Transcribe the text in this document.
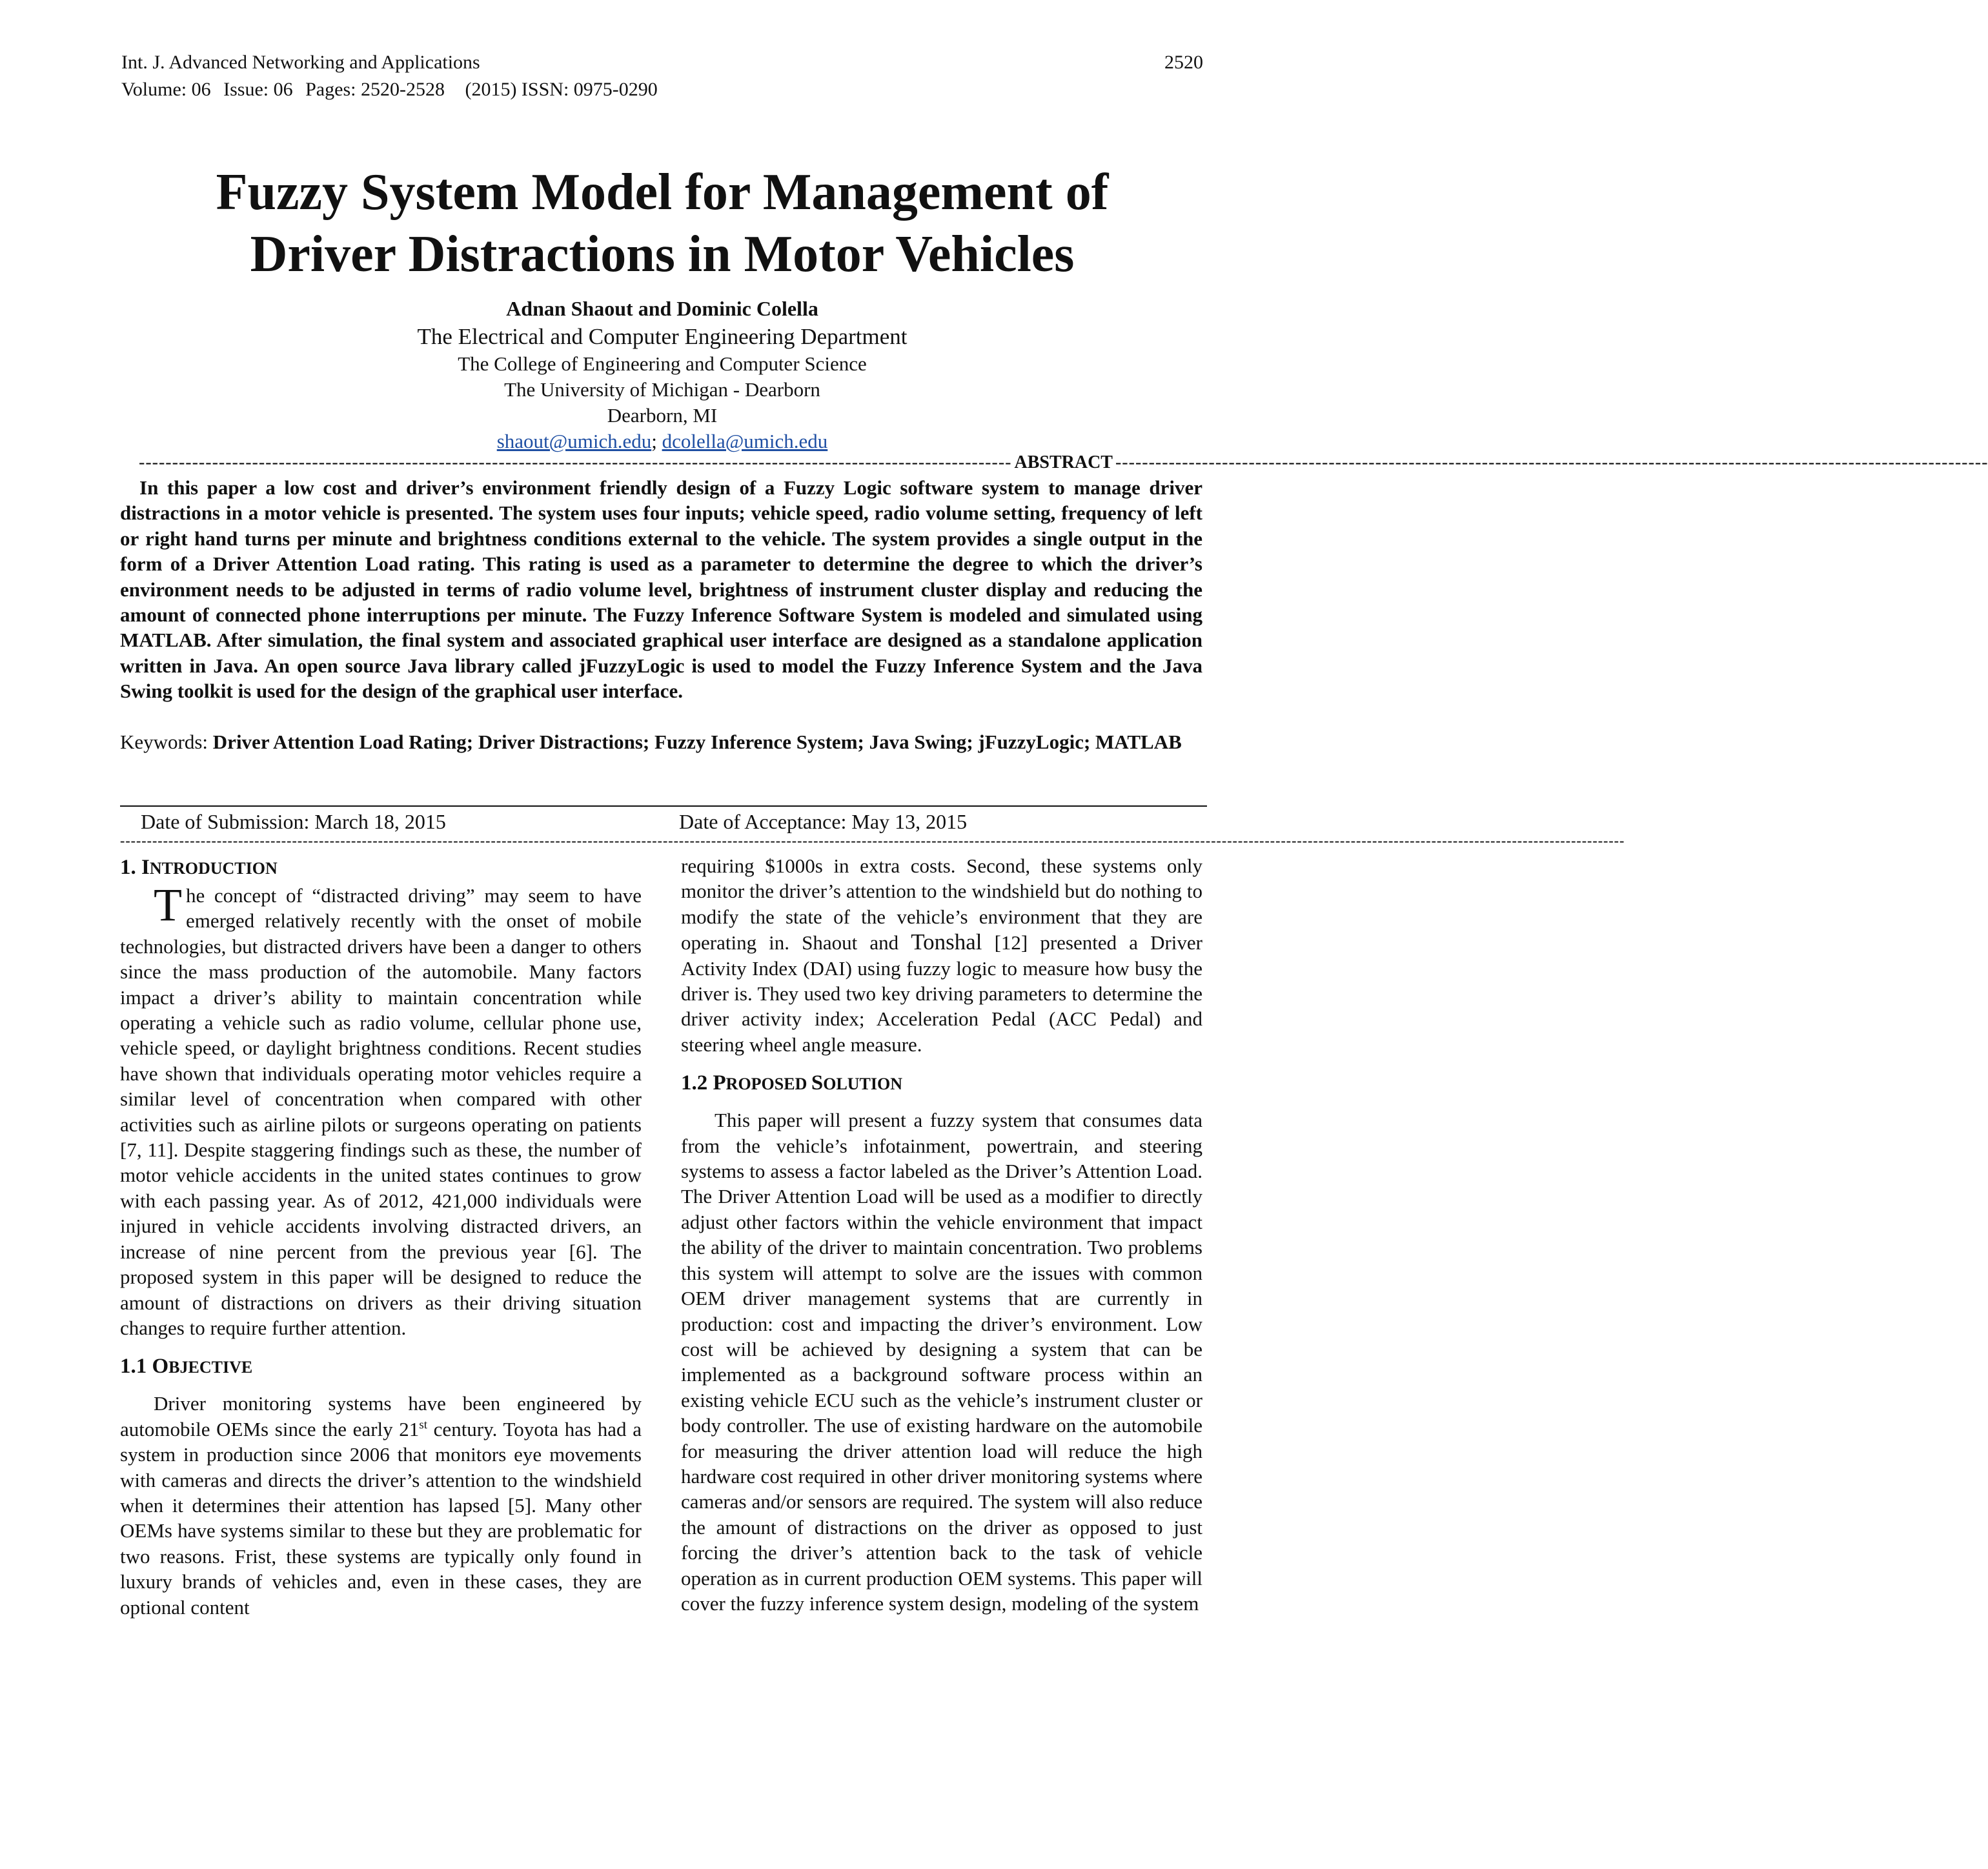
Int. J. Advanced Networking and Applications
Volume: 06 Issue: 06 Pages: 2520-2528 (2015) ISSN: 0975-0290
2520
Fuzzy System Model for Management of
Driver Distractions in Motor Vehicles
Adnan Shaout and Dominic Colella
The Electrical and Computer Engineering Department
The College of Engineering and Computer Science
The University of Michigan - Dearborn
Dearborn, MI
shaout@umich.edu; dcolella@umich.edu
----------------------------------------------------------------------------------------------------------------------------------- ABSTRACT -----------------------------------------------------------------------------------------------------------------------------------
In this paper a low cost and driver’s environment friendly design of a Fuzzy Logic software system to manage driver distractions in a motor vehicle is presented. The system uses four inputs; vehicle speed, radio volume setting, frequency of left or right hand turns per minute and brightness conditions external to the vehicle. The system provides a single output in the form of a Driver Attention Load rating. This rating is used as a parameter to determine the degree to which the driver’s environment needs to be adjusted in terms of radio volume level, brightness of instrument cluster display and reducing the amount of connected phone interruptions per minute. The Fuzzy Inference Software System is modeled and simulated using MATLAB. After simulation, the final system and associated graphical user interface are designed as a standalone application written in Java. An open source Java library called jFuzzyLogic is used to model the Fuzzy Inference System and the Java Swing toolkit is used for the design of the graphical user interface.
Keywords: Driver Attention Load Rating; Driver Distractions; Fuzzy Inference System; Java Swing; jFuzzyLogic; MATLAB
Date of Submission: March 18, 2015	Date of Acceptance: May 13, 2015
----------------------------------------------------------------------------------------------------------------------------------------------------------------------------------------------------------------------------------------------------------------------------------------
1. INTRODUCTION

The concept of “distracted driving” may seem to have emerged relatively recently with the onset of mobile technologies, but distracted drivers have been a danger to others since the mass production of the automobile. Many factors impact a driver’s ability to maintain concentration while operating a vehicle such as radio volume, cellular phone use, vehicle speed, or daylight brightness conditions. Recent studies have shown that individuals operating motor vehicles require a similar level of concentration when compared with other activities such as airline pilots or surgeons operating on patients [7, 11]. Despite staggering findings such as these, the number of motor vehicle accidents in the united states continues to grow with each passing year. As of 2012, 421,000 individuals were injured in vehicle accidents involving distracted drivers, an increase of nine percent from the previous year [6]. The proposed system in this paper will be designed to reduce the amount of distractions on drivers as their driving situation changes to require further attention.

1.1 OBJECTIVE

Driver monitoring systems have been engineered by automobile OEMs since the early 21st century. Toyota has had a system in production since 2006 that monitors eye movements with cameras and directs the driver’s attention to the windshield when it determines their attention has lapsed [5]. Many other OEMs have systems similar to these but they are problematic for two reasons. Frist, these systems are typically only found in luxury brands of vehicles and, even in these cases, they are optional content

requiring $1000s in extra costs. Second, these systems only monitor the driver’s attention to the windshield but do nothing to modify the state of the vehicle’s environment that they are operating in. Shaout and Tonshal [12] presented a Driver Activity Index (DAI) using fuzzy logic to measure how busy the driver is. They used two key driving parameters to determine the driver activity index; Acceleration Pedal (ACC Pedal) and steering wheel angle measure.

1.2 PROPOSED SOLUTION

This paper will present a fuzzy system that consumes data from the vehicle’s infotainment, powertrain, and steering systems to assess a factor labeled as the Driver’s Attention Load. The Driver Attention Load will be used as a modifier to directly adjust other factors within the vehicle environment that impact the ability of the driver to maintain concentration. Two problems this system will attempt to solve are the issues with common OEM driver management systems that are currently in production: cost and impacting the driver’s environment. Low cost will be achieved by designing a system that can be implemented as a background software process within an existing vehicle ECU such as the vehicle’s instrument cluster or body controller. The use of existing hardware on the automobile for measuring the driver attention load will reduce the high hardware cost required in other driver monitoring systems where cameras and/or sensors are required. The system will also reduce the amount of distractions on the driver as opposed to just forcing the driver’s attention back to the task of vehicle operation as in current production OEM systems. This paper will cover the fuzzy inference system design, modeling of the system
